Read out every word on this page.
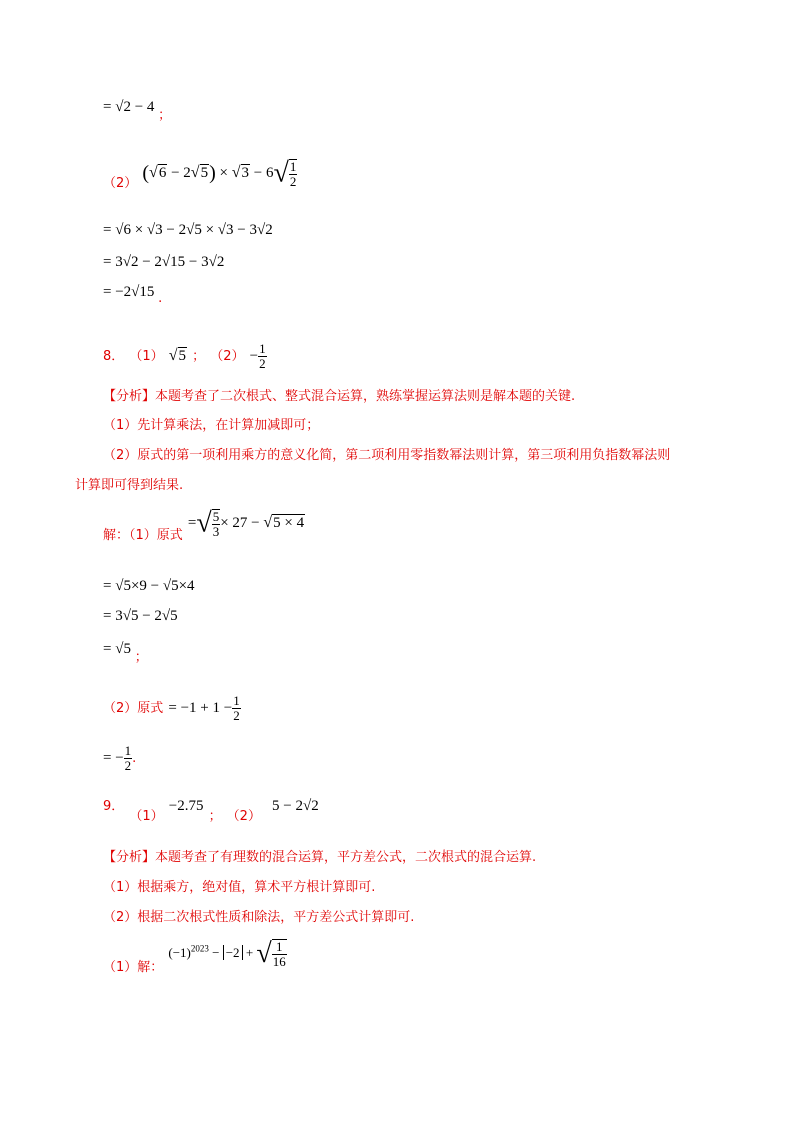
= √2 − 4 ；
$_{(2)}$ $(√6 - 2√5) \times √3 - 6√ \frac{1}{2}$
= √6 × √3 − 2√5 × √3 − 3√2
= 3√2 − 2√15 − 3√2
= −2√15 .
8． （1） √5 ； $(2) - \frac{1}{2}$
【分析】本题考查了二次根式、整式混合运算，熟练掌握运算法则是解本题的关键.
（1）先计算乘法，在计算加减即可；
（2）原式的第一项利用乘方的意义化简，第二项利用零指数幂法则计算，第三项利用负指数幂法则
计算即可得到结果.
$_{解:(1)原式}$ =√ $\frac{5}{3} \times 27 - √5 \times 4$
= √5×9 − √5×4
= 3√5 − 2√5
= √5 ；
（2）原式 = $-1 + 1 - \frac{1}{2}$
= − $\frac{1}{2}$ .
9． $_{(1)}$ −2.75 $_;$ $_{(2)}$ 5 − 2√2
【分析】本题考查了有理数的混合运算，平方差公式，二次根式的混合运算.
（1）根据乘方，绝对值，算术平方根计算即可.
（2）根据二次根式性质和除法，平方差公式计算即可.
$_{(1)解:}$ $(-1)^{2023} - -2$ + √ $\frac{1}{16}$
